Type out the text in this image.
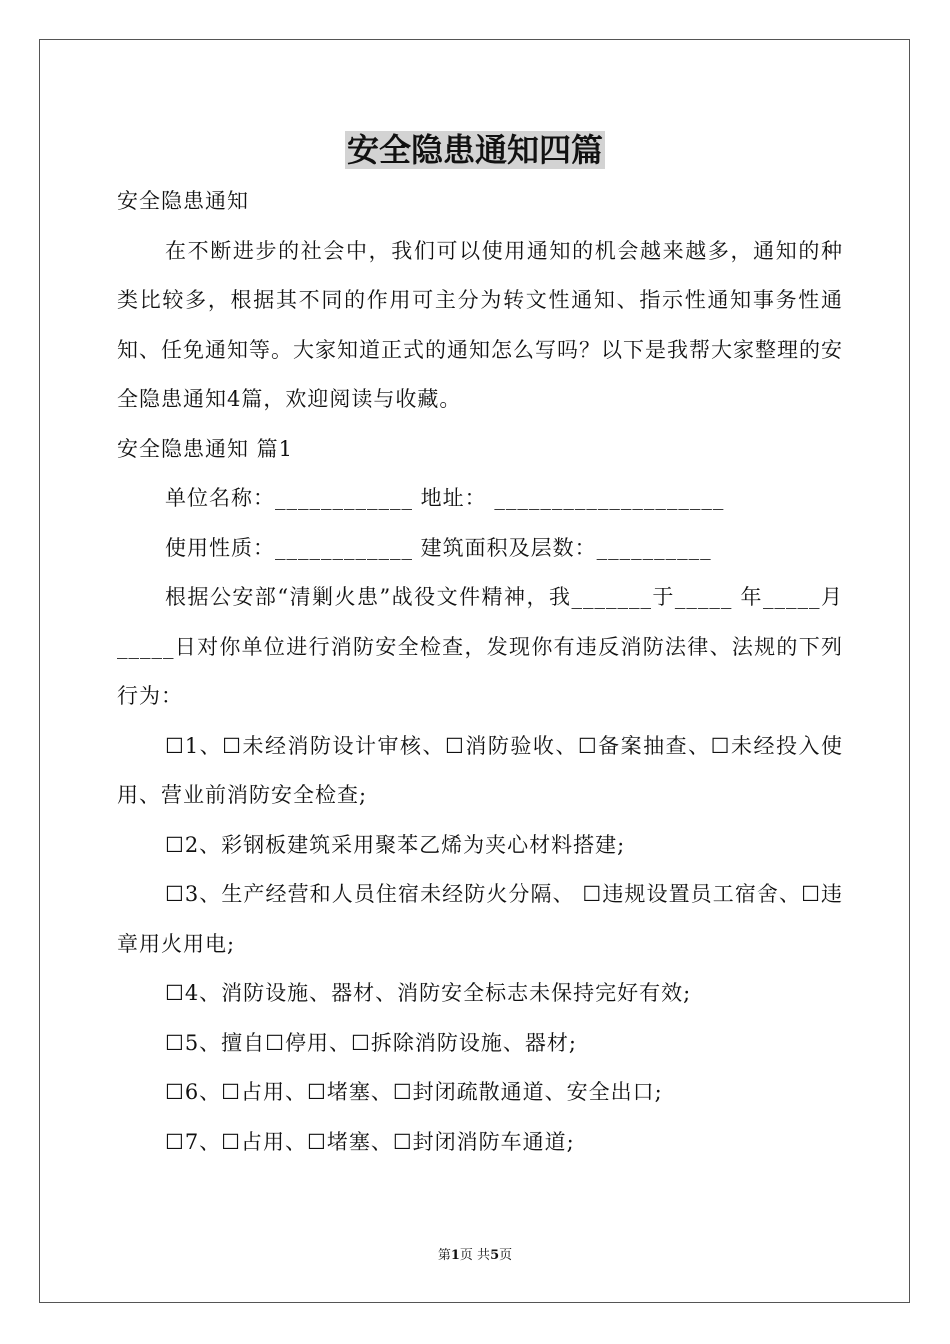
安全隐患通知四篇

安全隐患通知

在不断进步的社会中，我们可以使用通知的机会越来越多，通知的种类比较多，根据其不同的作用可主分为转文性通知、指示性通知事务性通知、任免通知等。大家知道正式的通知怎么写吗？以下是我帮大家整理的安全隐患通知4篇，欢迎阅读与收藏。

安全隐患通知 篇1

单位名称：____________ 地址： ____________________

使用性质：____________ 建筑面积及层数：__________

根据公安部“清剿火患”战役文件精神，我_______于_____ 年_____月_____日对你单位进行消防安全检查，发现你有违反消防法律、法规的下列行为：

☐1、☐未经消防设计审核、☐消防验收、☐备案抽查、☐未经投入使用、营业前消防安全检查;

☐2、彩钢板建筑采用聚苯乙烯为夹心材料搭建;

☐3、生产经营和人员住宿未经防火分隔、 ☐违规设置员工宿舍、☐违章用火用电;

☐4、消防设施、器材、消防安全标志未保持完好有效;

☐5、擅自☐停用、☐拆除消防设施、器材;

☐6、☐占用、☐堵塞、☐封闭疏散通道、安全出口;

☐7、☐占用、☐堵塞、☐封闭消防车通道;

第1页 共5页
